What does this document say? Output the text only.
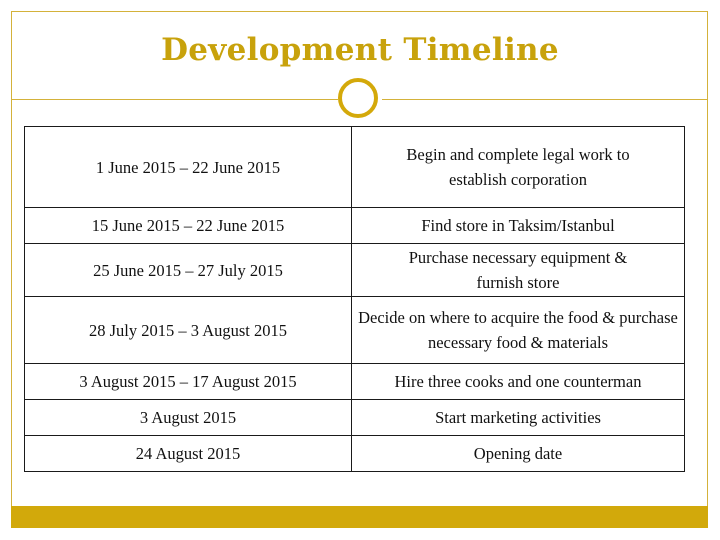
Development Timeline
1 June 2015 – 22 June 2015	Begin and complete legal work to establish corporation
15 June 2015 – 22 June 2015	Find store in Taksim/Istanbul
25 June 2015 – 27 July 2015	Purchase necessary equipment & furnish store
28 July 2015 – 3 August 2015	Decide on where to acquire the food & purchase necessary food & materials
3 August 2015 – 17 August 2015	Hire three cooks and one counterman
3 August 2015	Start marketing activities
24 August 2015	Opening date
